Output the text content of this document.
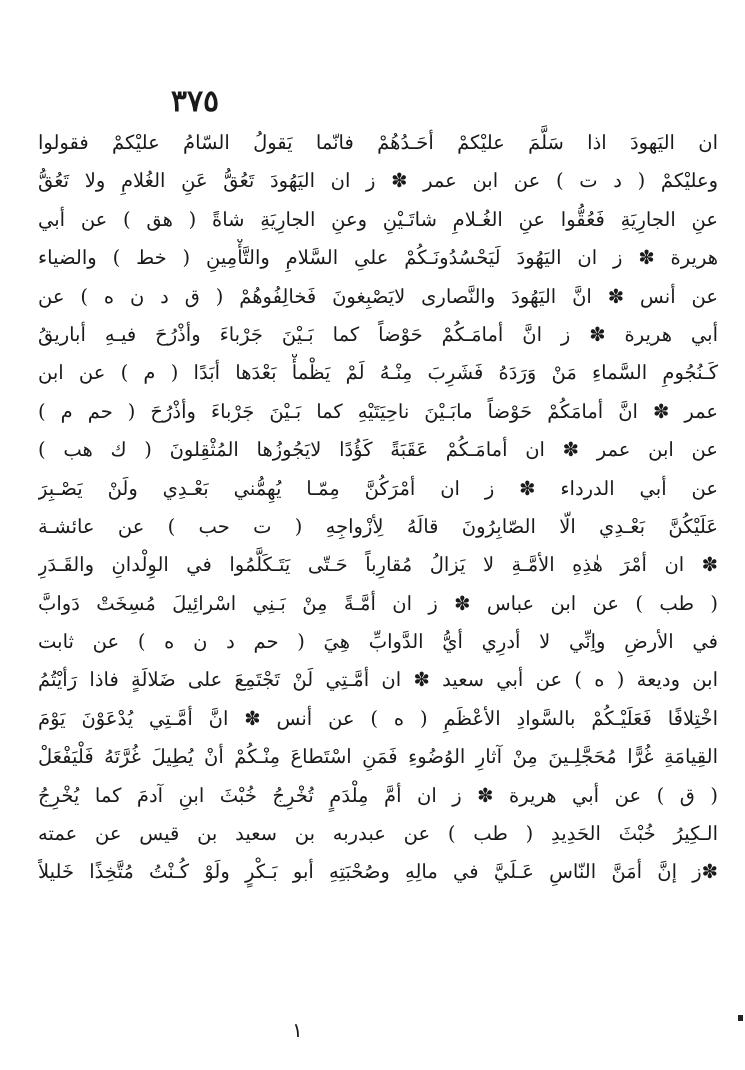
٣٧٥
ان اليَهودَ اذا سَلَّمَ عليْكمْ أحَـدُهُمْ فانّما يَقولُ السّامُ عليْكمْ فقولوا
وعليْكمْ ( د ت ) عن ابن عمر ✽ ز ان اليَهُودَ تَعُقُّ عَنِ الغُلامِ ولا تَعُقُّ
عنِ الجارِيَةِ فَعُقُّوا عنِ الغُـلامِ شاتَـيْنِ وعنِ الجارِيَةِ شاةً ( هق ) عن أبي
هريرة ✽ ز ان اليَهُودَ لَيَحْسُدُونَـكُمْ علىِ السَّلامِ والتَّأْمِينِ ( خط ) والضياء
عن أنس ✽ انَّ اليَهُودَ والنَّصارى لايَصْبِغونَ فَخالِفُوهُمْ ( ق د ن ه ) عن
أبي هريرة ✽ ز انَّ أمامَـكُمْ حَوْضاً كما بَـيْنَ جَرْباءَ وأذْرُحَ فيـهِ أباريقُ
كَـنُجُومِ السَّماءِ مَنْ وَرَدَهُ فَشَرِبَ مِنْـهُ لَمْ يَظْمأْ بَعْدَها أبَدًا ( م ) عن ابن
عمر ✽ انَّ أمامَكُمْ حَوْضاً مابَـيْنَ ناحِيَتَيْهِ كما بَـيْنَ جَرْباءَ وأذْرُحَ ( حم م )
عن ابن عمر ✽ ان أمامَـكُمْ عَقَبَةً كَؤُدًا لايَجُوزُها المُثْقِلونَ ( ك هب )
عن أبي الدرداء ✽ ز ان أمْرَكُنَّ مِمّـا يُهِمُّني بَعْـدِي ولَنْ يَصْـبِرَ
عَلَيْكُنَّ بَعْـدِي الّا الصّابِرُونَ قالَهُ لِأزْواجِهِ ( ت حب ) عن عائشـة
✽ ان أمْرَ هٰذِهِ الأمَّـةِ لا يَزالُ مُقارِباً حَـتّى يَتَـكَلَّمُوا في الوِلْدانِ والقَـدَرِ
( طب ) عن ابن عباس ✽ ز ان أمَّـةً مِنْ بَـنِي اسْرائِيلَ مُسِخَتْ دَوابَّ
في الأرضِ واِنِّي لا أدرِي أيُّ الدَّوابِّ هِيَ ( حم د ن ه ) عن ثابت
ابن وديعة ( ه ) عن أبي سعيد ✽ ان أمَّـتِي لَنْ تَجْتَمِعَ على ضَلالَةٍ فاذا رَأيْتُمُ
اخْتِلافًا فَعَلَيْـكُمْ بالسَّوادِ الأعْظَمِ ( ه ) عن أنس ✽ انَّ أمَّـتِي يُدْعَوْنَ يَوْمَ
القِيامَةِ غُرًّا مُحَجَّلِـينَ مِنْ آثارِ الوُضُوءِ فَمَنِ اسْتَطاعَ مِنْـكُمْ أنْ يُطِيلَ غُرَّتَهُ فَلْيَفْعَلْ
( ق ) عن أبي هريرة ✽ ز ان أمَّ مِلْدَمٍ تُخْرِجُ خُبْثَ ابنِ آدمَ كما يُخْرِجُ
الـكِيرُ خُبْثَ الحَدِيدِ ( طب ) عن عبدربه بن سعيد بن قيس عن عمته
✽ز إنَّ أمَنَّ النّاسِ عَـلَيَّ في مالِهِ وصُحْبَتِهِ أبو بَـكْرٍ ولَوْ كُـنْتُ مُتَّخِذًا خَليلاً
١
